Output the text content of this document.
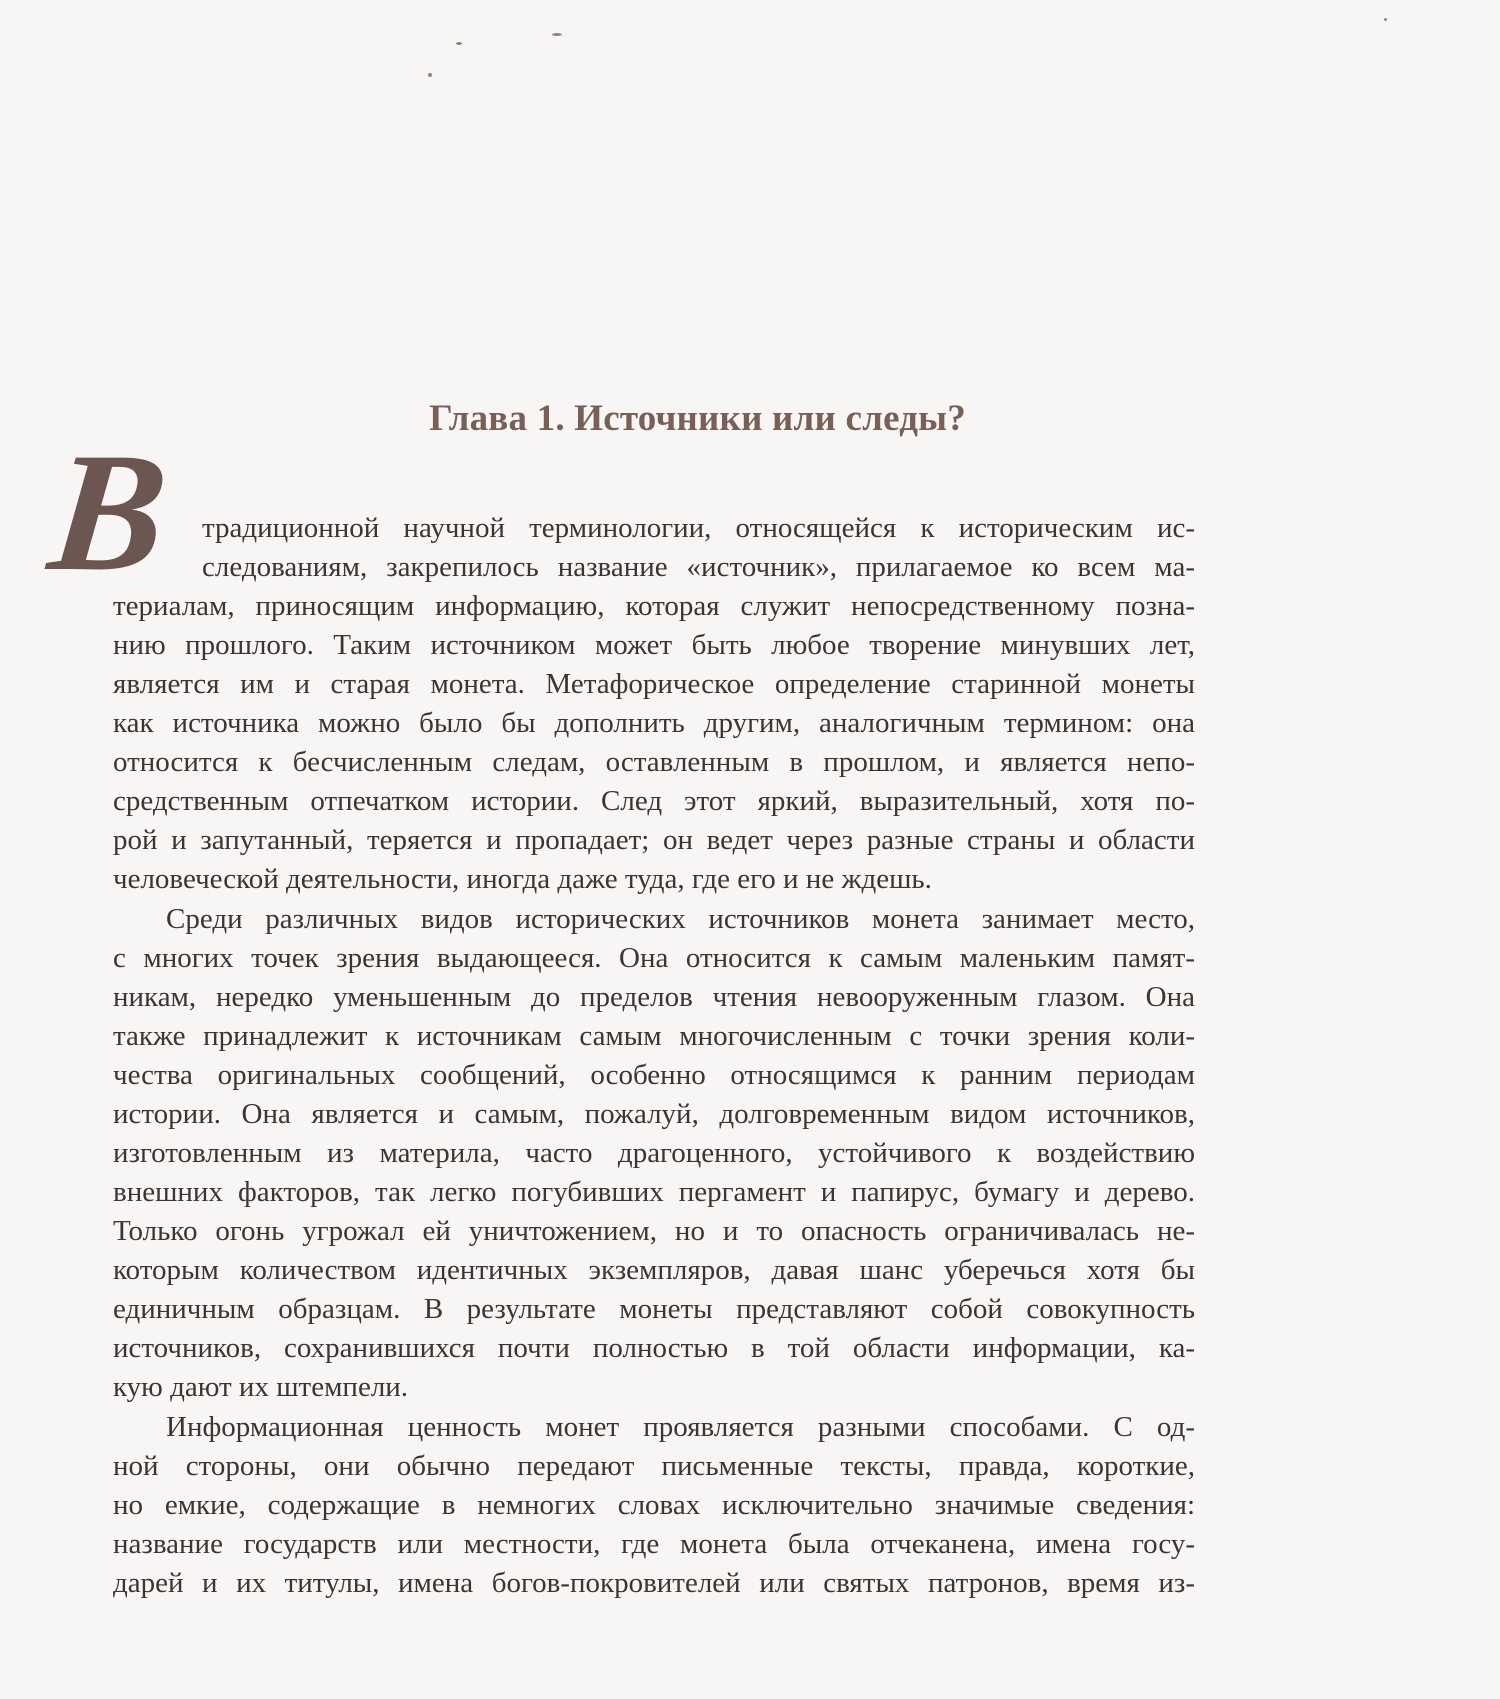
Глава 1. Источники или следы?
В традиционной научной терминологии, относящейся к историческим ис-
следованиям, закрепилось название «источник», прилагаемое ко всем ма-
териалам, приносящим информацию, которая служит непосредственному позна-
нию прошлого. Таким источником может быть любое творение минувших лет,
является им и старая монета. Метафорическое определение старинной монеты
как источника можно было бы дополнить другим, аналогичным термином: она
относится к бесчисленным следам, оставленным в прошлом, и является непо-
средственным отпечатком истории. След этот яркий, выразительный, хотя по-
рой и запутанный, теряется и пропадает; он ведет через разные страны и области
человеческой деятельности, иногда даже туда, где его и не ждешь.
Среди различных видов исторических источников монета занимает место,
с многих точек зрения выдающееся. Она относится к самым маленьким памят-
никам, нередко уменьшенным до пределов чтения невооруженным глазом. Она
также принадлежит к источникам самым многочисленным с точки зрения коли-
чества оригинальных сообщений, особенно относящимся к ранним периодам
истории. Она является и самым, пожалуй, долговременным видом источников,
изготовленным из материла, часто драгоценного, устойчивого к воздействию
внешних факторов, так легко погубивших пергамент и папирус, бумагу и дерево.
Только огонь угрожал ей уничтожением, но и то опасность ограничивалась не-
которым количеством идентичных экземпляров, давая шанс уберечься хотя бы
единичным образцам. В результате монеты представляют собой совокупность
источников, сохранившихся почти полностью в той области информации, ка-
кую дают их штемпели.
Информационная ценность монет проявляется разными способами. С од-
ной стороны, они обычно передают письменные тексты, правда, короткие,
но емкие, содержащие в немногих словах исключительно значимые сведения:
название государств или местности, где монета была отчеканена, имена госу-
дарей и их титулы, имена богов-покровителей или святых патронов, время из-
